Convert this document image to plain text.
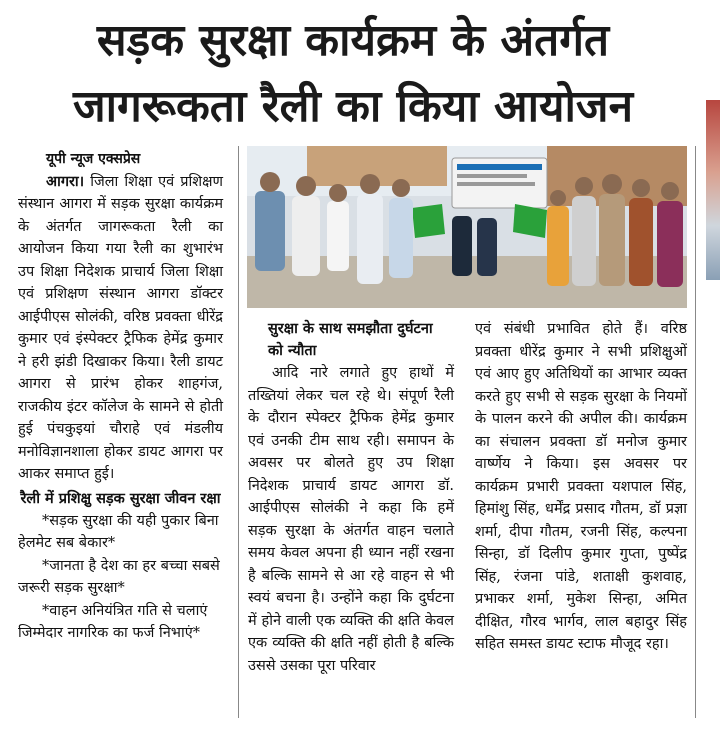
सड़क सुरक्षा कार्यक्रम के अंतर्गत
जागरूकता रैली का किया आयोजन

यूपी न्यूज एक्सप्रेस

आगरा। जिला शिक्षा एवं प्रशिक्षण संस्थान आगरा में सड़क सुरक्षा कार्यक्रम के अंतर्गत जागरूकता रैली का आयोजन किया गया रैली का शुभारंभ उप शिक्षा निदेशक प्राचार्य जिला शिक्षा एवं प्रशिक्षण संस्थान आगरा डॉक्टर आईपीएस सोलंकी, वरिष्ठ प्रवक्ता धीरेंद्र कुमार एवं इंस्पेक्टर ट्रैफिक हेमेंद्र कुमार ने हरी झंडी दिखाकर किया। रैली डायट आगरा से प्रारंभ होकर शाहगंज, राजकीय इंटर कॉलेज के सामने से होती हुई पंचकुइयां चौराहे एवं मंडलीय मनोविज्ञानशाला होकर डायट आगरा पर आकर समाप्त हुई।

रैली में प्रशिक्षु सड़क सुरक्षा जीवन रक्षा

*सड़क सुरक्षा की यही पुकार बिना हेलमेट सब बेकार*

*जानता है देश का हर बच्चा सबसे जरूरी सड़क सुरक्षा*

*वाहन अनियंत्रित गति से चलाएं जिम्मेदार नागरिक का फर्ज निभाएं*

सुरक्षा के साथ समझौता दुर्घटना को न्यौता

आदि नारे लगाते हुए हाथों में तख्तियां लेकर चल रहे थे। संपूर्ण रैली के दौरान स्पेक्टर ट्रैफिक हेमेंद्र कुमार एवं उनकी टीम साथ रही। समापन के अवसर पर बोलते हुए उप शिक्षा निदेशक प्राचार्य डायट आगरा डॉ. आईपीएस सोलंकी ने कहा कि हमें सड़क सुरक्षा के अंतर्गत वाहन चलाते समय केवल अपना ही ध्यान नहीं रखना है बल्कि सामने से आ रहे वाहन से भी स्वयं बचना है। उन्होंने कहा कि दुर्घटना में होने वाली एक व्यक्ति की क्षति केवल एक व्यक्ति की क्षति नहीं होती है बल्कि उससे उसका पूरा परिवार

एवं संबंधी प्रभावित होते हैं। वरिष्ठ प्रवक्ता धीरेंद्र कुमार ने सभी प्रशिक्षुओं एवं आए हुए अतिथियों का आभार व्यक्त करते हुए सभी से सड़क सुरक्षा के नियमों के पालन करने की अपील की। कार्यक्रम का संचालन प्रवक्ता डॉ मनोज कुमार वार्ष्णेय ने किया। इस अवसर पर कार्यक्रम प्रभारी प्रवक्ता यशपाल सिंह, हिमांशु सिंह, धर्मेंद्र प्रसाद गौतम, डॉ प्रज्ञा शर्मा, दीपा गौतम, रजनी सिंह, कल्पना सिन्हा, डॉ दिलीप कुमार गुप्ता, पुष्पेंद्र सिंह, रंजना पांडे, शताक्षी कुशवाह, प्रभाकर शर्मा, मुकेश सिन्हा, अमित दीक्षित, गौरव भार्गव, लाल बहादुर सिंह सहित समस्त डायट स्टाफ मौजूद रहा।
